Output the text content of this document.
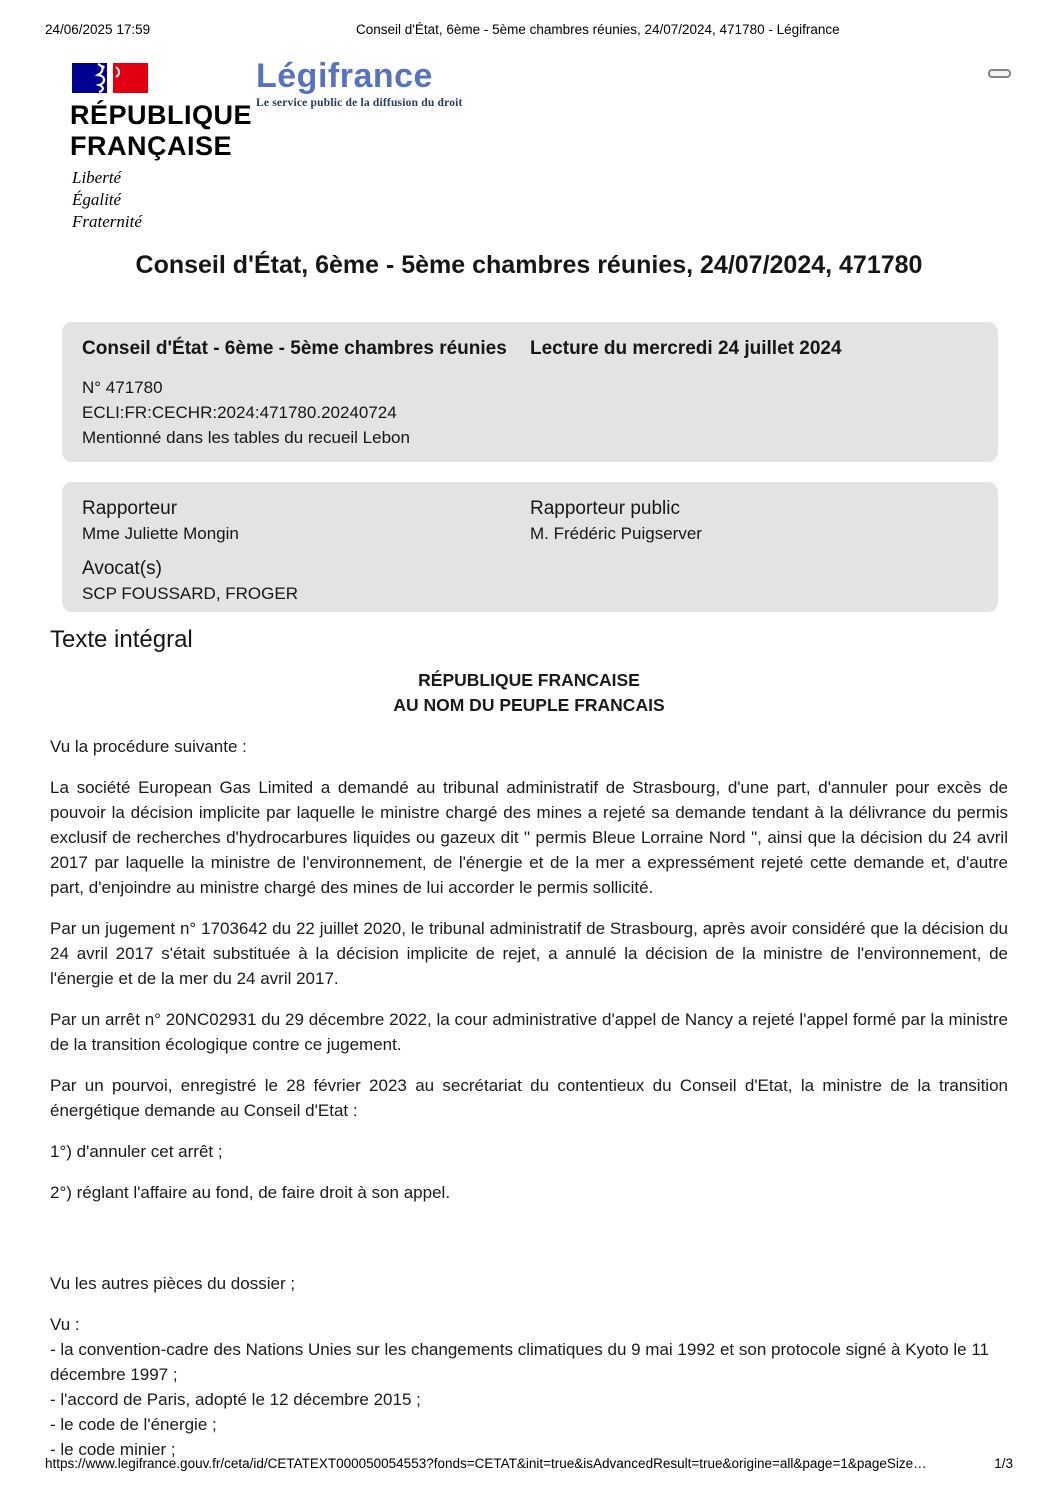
24/06/2025 17:59	Conseil d'État, 6ème - 5ème chambres réunies, 24/07/2024, 471780 - Légifrance
RÉPUBLIQUE
FRANÇAISE
Liberté
Égalité
Fraternité
Légifrance
Le service public de la diffusion du droit
Conseil d'État, 6ème - 5ème chambres réunies, 24/07/2024, 471780
Conseil d'État - 6ème - 5ème chambres réunies	Lecture du mercredi 24 juillet 2024
N° 471780
ECLI:FR:CECHR:2024:471780.20240724
Mentionné dans les tables du recueil Lebon
Rapporteur
Mme Juliette Mongin
Avocat(s)
SCP FOUSSARD, FROGER
Rapporteur public
M. Frédéric Puigserver
Texte intégral
RÉPUBLIQUE FRANCAISE
AU NOM DU PEUPLE FRANCAIS

Vu la procédure suivante :

La société European Gas Limited a demandé au tribunal administratif de Strasbourg, d'une part, d'annuler pour excès de pouvoir la décision implicite par laquelle le ministre chargé des mines a rejeté sa demande tendant à la délivrance du permis exclusif de recherches d'hydrocarbures liquides ou gazeux dit " permis Bleue Lorraine Nord ", ainsi que la décision du 24 avril 2017 par laquelle la ministre de l'environnement, de l'énergie et de la mer a expressément rejeté cette demande et, d'autre part, d'enjoindre au ministre chargé des mines de lui accorder le permis sollicité.

Par un jugement n° 1703642 du 22 juillet 2020, le tribunal administratif de Strasbourg, après avoir considéré que la décision du 24 avril 2017 s'était substituée à la décision implicite de rejet, a annulé la décision de la ministre de l'environnement, de l'énergie et de la mer du 24 avril 2017.

Par un arrêt n° 20NC02931 du 29 décembre 2022, la cour administrative d'appel de Nancy a rejeté l'appel formé par la ministre de la transition écologique contre ce jugement.

Par un pourvoi, enregistré le 28 février 2023 au secrétariat du contentieux du Conseil d'Etat, la ministre de la transition énergétique demande au Conseil d'Etat :

1°) d'annuler cet arrêt ;

2°) réglant l'affaire au fond, de faire droit à son appel.

Vu les autres pièces du dossier ;

Vu :
- la convention-cadre des Nations Unies sur les changements climatiques du 9 mai 1992 et son protocole signé à Kyoto le 11 décembre 1997 ;
- l'accord de Paris, adopté le 12 décembre 2015 ;
- le code de l'énergie ;
- le code minier ;
https://www.legifrance.gouv.fr/ceta/id/CETATEXT000050054553?fonds=CETAT&init=true&isAdvancedResult=true&origine=all&page=1&pageSize…	1/3
